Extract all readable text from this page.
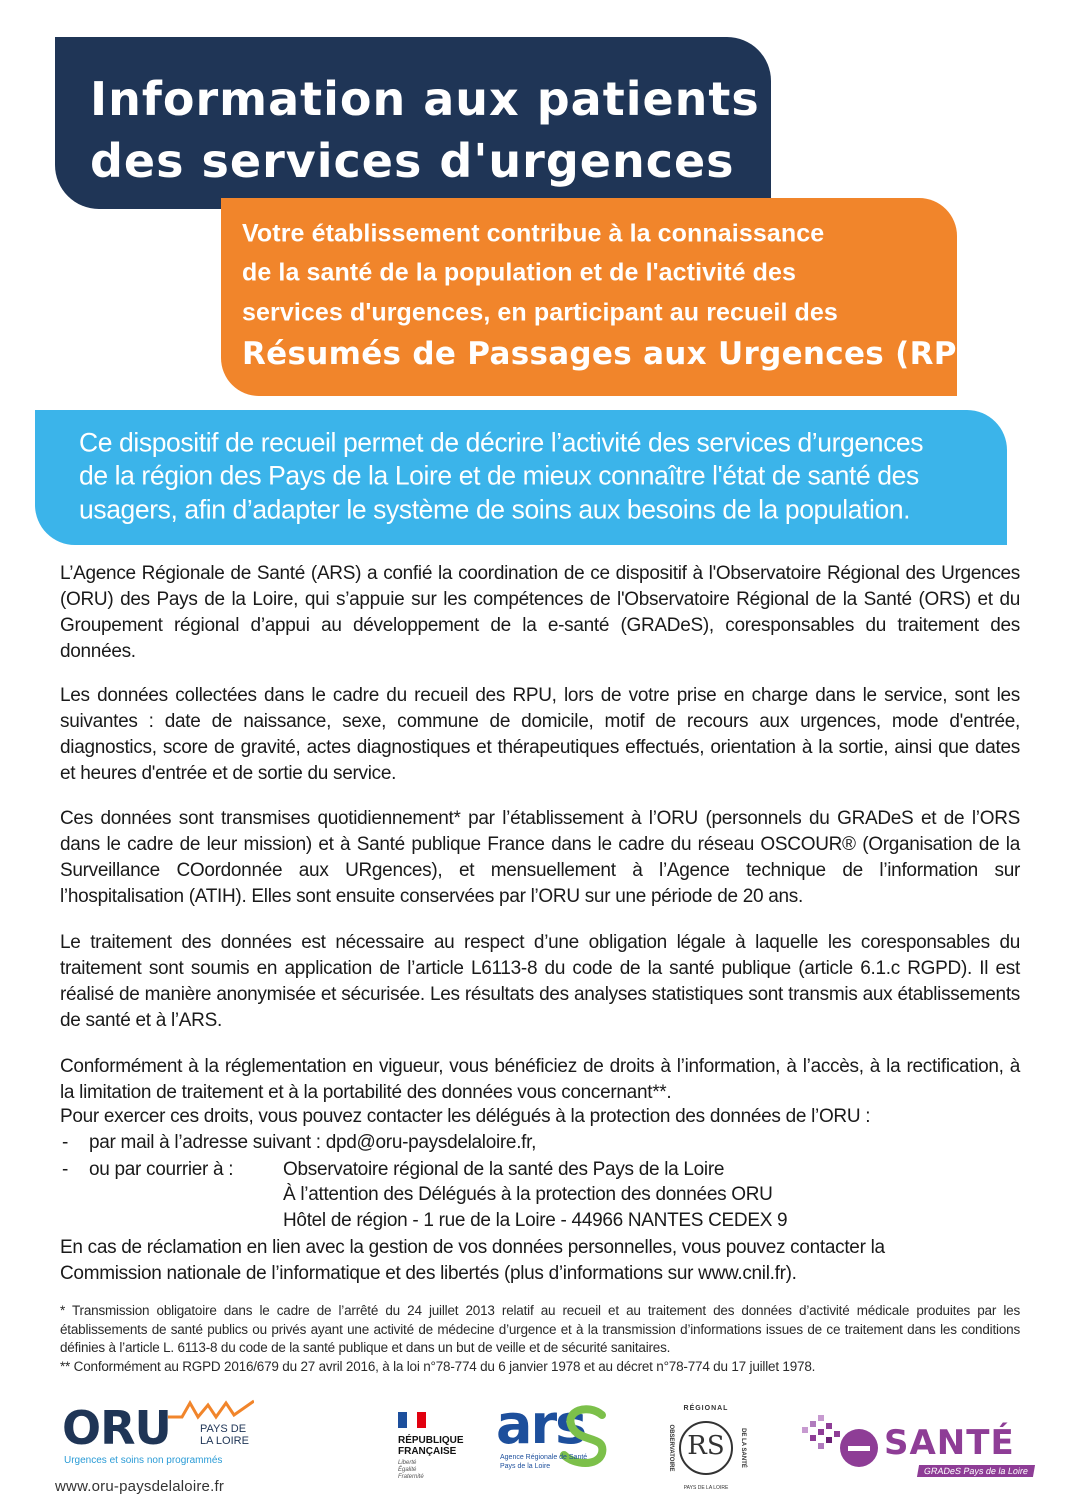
Information aux patients
des services d'urgences
Votre établissement contribue à la connaissance
de la santé de la population et de l'activité des
services d'urgences, en participant au recueil des
Résumés de Passages aux Urgences (RPU)
Ce dispositif de recueil permet de décrire l’activité des services d’urgences
de la région des Pays de la Loire et de mieux connaître l'état de santé des
usagers, afin d’adapter le système de soins aux besoins de la population.

L’Agence Régionale de Santé (ARS) a confié la coordination de ce dispositif à l'Observatoire Régional des Urgences (ORU) des Pays de la Loire, qui s’appuie sur les compétences de l'Observatoire Régional de la Santé (ORS) et du Groupement régional d’appui au développement de la e-santé (GRADeS), coresponsables du traitement des données.

Les données collectées dans le cadre du recueil des RPU, lors de votre prise en charge dans le service, sont les suivantes : date de naissance, sexe, commune de domicile, motif de recours aux urgences, mode d'entrée, diagnostics, score de gravité, actes diagnostiques et thérapeutiques effectués, orientation à la sortie, ainsi que dates et heures d'entrée et de sortie du service.

Ces données sont transmises quotidiennement* par l’établissement à l’ORU (personnels du GRADeS et de l’ORS dans le cadre de leur mission) et à Santé publique France dans le cadre du réseau OSCOUR® (Organisation de la Surveillance COordonnée aux URgences), et mensuellement à l’Agence technique de l’information sur l’hospitalisation (ATIH). Elles sont ensuite conservées par l’ORU sur une période de 20 ans.

Le traitement des données est nécessaire au respect d’une obligation légale à laquelle les coresponsables du traitement sont soumis en application de l’article L6113-8 du code de la santé publique (article 6.1.c RGPD). Il est réalisé de manière anonymisée et sécurisée. Les résultats des analyses statistiques sont transmis aux établissements de santé et à l’ARS.

Conformément à la réglementation en vigueur, vous bénéficiez de droits à l’information, à l’accès, à la rectification, à la limitation de traitement et à la portabilité des données vous concernant**.

Pour exercer ces droits, vous pouvez contacter les délégués à la protection des données de l’ORU :
- par mail à l’adresse suivant : dpd@oru-paysdelaloire.fr,
- ou par courrier à :	Observatoire régional de la santé des Pays de la Loire
À l’attention des Délégués à la protection des données ORU
Hôtel de région - 1 rue de la Loire - 44966 NANTES CEDEX 9
En cas de réclamation en lien avec la gestion de vos données personnelles, vous pouvez contacter la
Commission nationale de l’informatique et des libertés (plus d’informations sur www.cnil.fr).

* Transmission obligatoire dans le cadre de l’arrêté du 24 juillet 2013 relatif au recueil et au traitement des données d’activité médicale produites par les établissements de santé publics ou privés ayant une activité de médecine d’urgence et à la transmission d’informations issues de ce traitement dans les conditions définies à l’article L. 6113-8 du code de la santé publique et dans un but de veille et de sécurité sanitaires.

** Conformément au RGPD 2016/679 du 27 avril 2016, à la loi n°78-774 du 6 janvier 1978 et au décret n°78-774 du 17 juillet 1978.

ORU	PAYS DE
LA LOIRE
Urgences et soins non programmés
RÉPUBLIQUE
FRANÇAISE
Liberté
Égalité
Fraternité
ars
Agence Régionale de Santé
Pays de la Loire
RÉGIONAL
OBSERVATOIRE	DE LA SANTÉ
RS
PAYS DE LA LOIRE
SANTÉ
GRADeS Pays de la Loire
www.oru-paysdelaloire.fr
